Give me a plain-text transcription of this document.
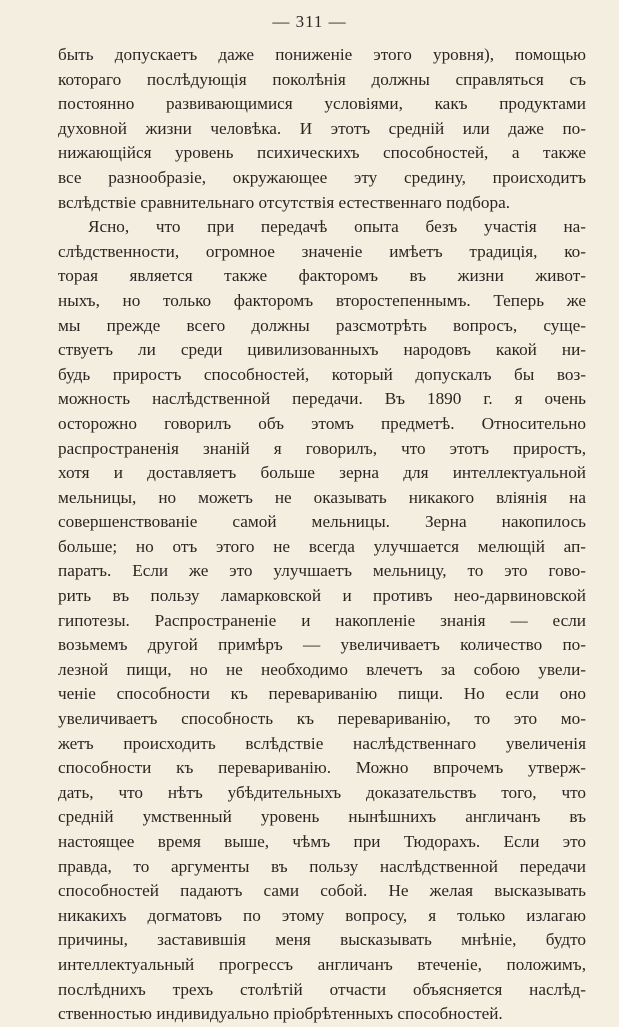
— 311 —
быть допускаетъ даже пониженіе этого уровня), помощью
котораго послѣдующія поколѣнія должны справляться съ
постоянно развивающимися условіями, какъ продуктами
духовной жизни человѣка. И этотъ средній или даже по-
нижающійся уровень психическихъ способностей, а также
все разнообразіе, окружающее эту средину, происходитъ
вслѣдствіе сравнительнаго отсутствія естественнаго подбора.
Ясно, что при передачѣ опыта безъ участія на-
слѣдственности, огромное значеніе имѣетъ традиція, ко-
торая является также факторомъ въ жизни живот-
ныхъ, но только факторомъ второстепеннымъ. Теперь же
мы прежде всего должны разсмотрѣть вопросъ, суще-
ствуетъ ли среди цивилизованныхъ народовъ какой ни-
будь приростъ способностей, который допускалъ бы воз-
можность наслѣдственной передачи. Въ 1890 г. я очень
осторожно говорилъ объ этомъ предметѣ. Относительно
распространенія знаній я говорилъ, что этотъ приростъ,
хотя и доставляетъ больше зерна для интеллектуальной
мельницы, но можетъ не оказывать никакого вліянія на
совершенствованіе самой мельницы. Зерна накопилось
больше; но отъ этого не всегда улучшается мелющій ап-
паратъ. Если же это улучшаетъ мельницу, то это гово-
рить въ пользу ламарковской и противъ нео-дарвиновской
гипотезы. Распространеніе и накопленіе знанія — если
возьмемъ другой примѣръ — увеличиваетъ количество по-
лезной пищи, но не необходимо влечетъ за собою увели-
ченіе способности къ перевариванію пищи. Но если оно
увеличиваетъ способность къ перевариванію, то это мо-
жетъ происходить вслѣдствіе наслѣдственнаго увеличенія
способности къ перевариванію. Можно впрочемъ утверж-
дать, что нѣтъ убѣдительныхъ доказательствъ того, что
средній умственный уровень нынѣшнихъ англичанъ въ
настоящее время выше, чѣмъ при Тюдорахъ. Если это
правда, то аргументы въ пользу наслѣдственной передачи
способностей падаютъ сами собой. Не желая высказывать
никакихъ догматовъ по этому вопросу, я только излагаю
причины, заставившія меня высказывать мнѣніе, будто
интеллектуальный прогрессъ англичанъ втеченіе, положимъ,
послѣднихъ трехъ столѣтій отчасти объясняется наслѣд-
ственностью индивидуально пріобрѣтенныхъ способностей.
